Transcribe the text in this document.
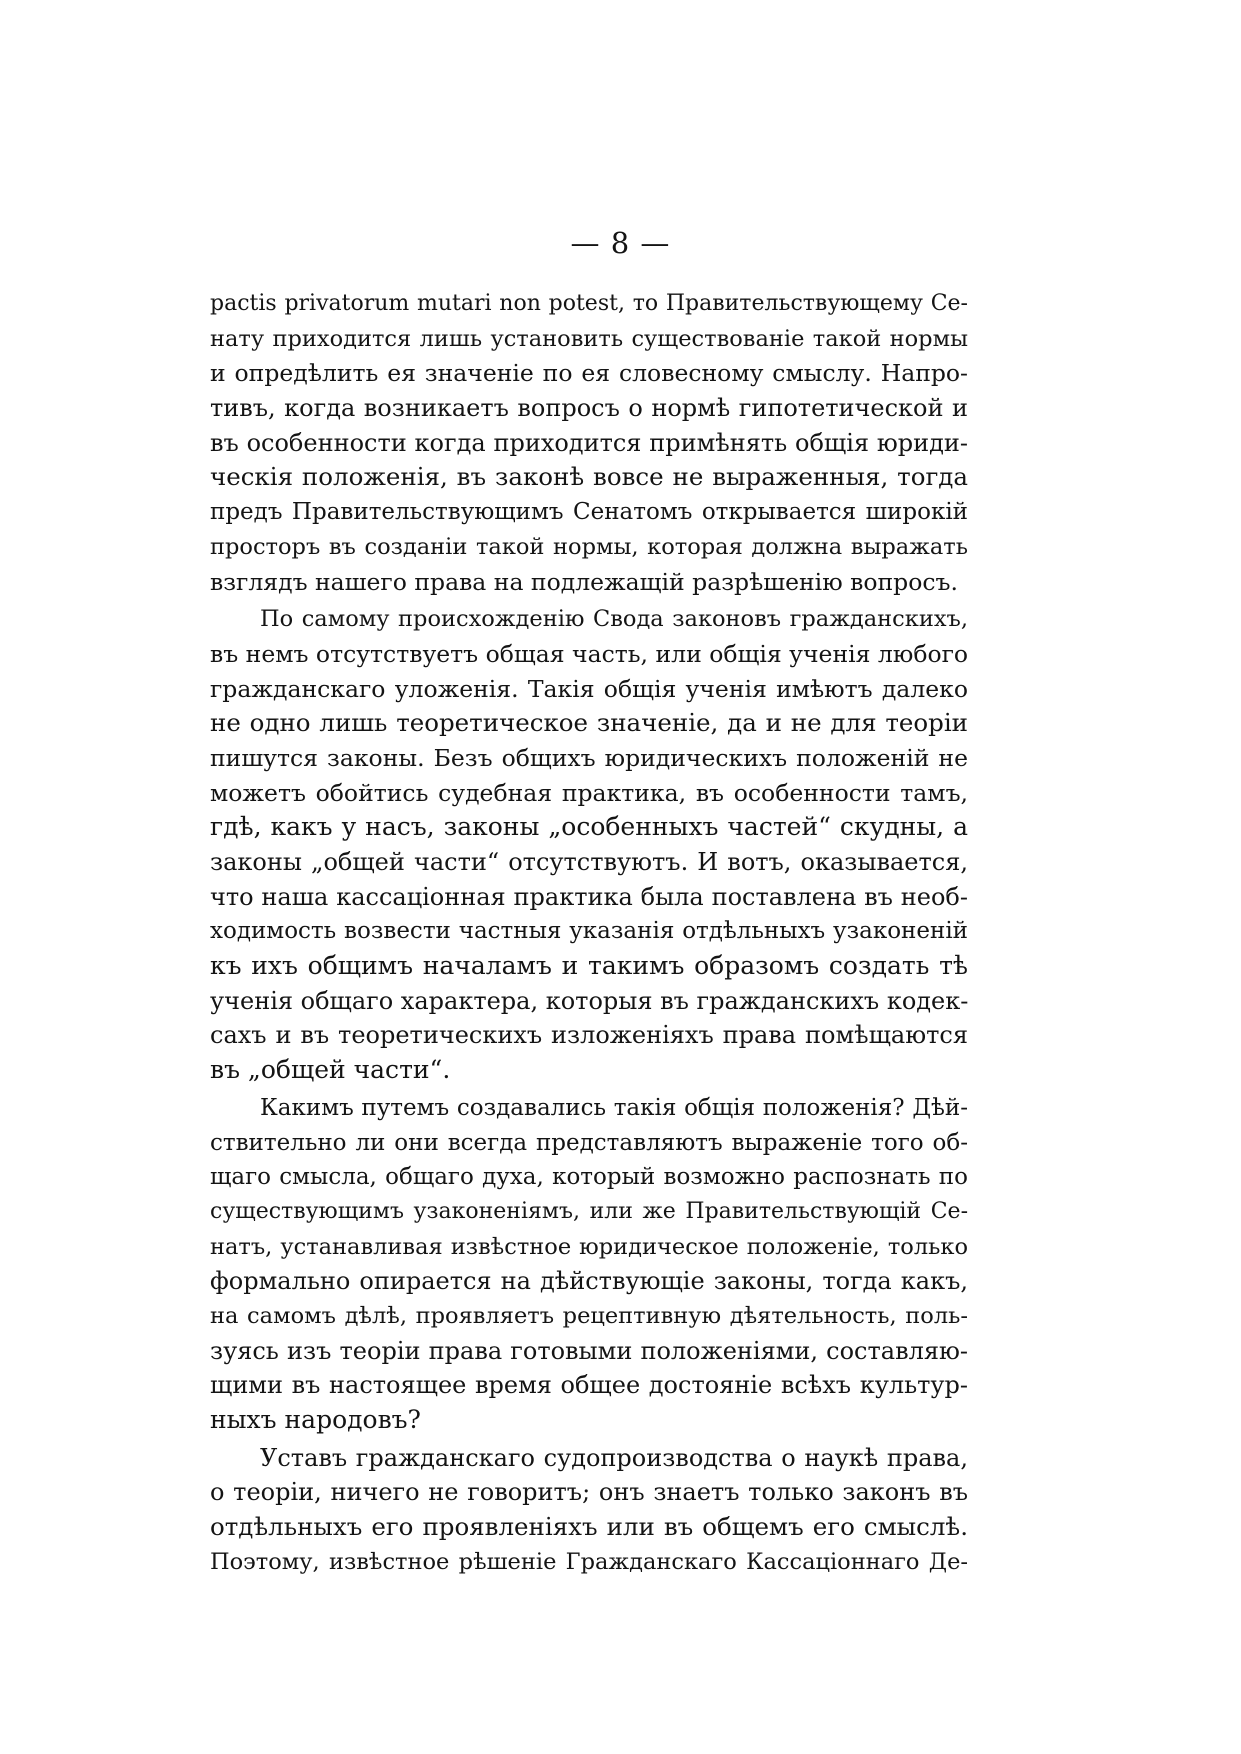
— 8 —
pactis privatorum mutari non potest, то Правительствующему Се-
нату приходится лишь установить существованіе такой нормы
и опредѣлить ея значеніе по ея словесному смыслу. Напро-
тивъ, когда возникаетъ вопросъ о нормѣ гипотетической и
въ особенности когда приходится примѣнять общія юриди-
ческія положенія, въ законѣ вовсе не выраженныя, тогда
предъ Правительствующимъ Сенатомъ открывается широкій
просторъ въ созданіи такой нормы, которая должна выражать
взглядъ нашего права на подлежащій разрѣшенію вопросъ.
По самому происхожденію Свода законовъ гражданскихъ,
въ немъ отсутствуетъ общая часть, или общія ученія любого
гражданскаго уложенія. Такія общія ученія имѣютъ далеко
не одно лишь теоретическое значеніе, да и не для теоріи
пишутся законы. Безъ общихъ юридическихъ положеній не
можетъ обойтись судебная практика, въ особенности тамъ,
гдѣ, какъ у насъ, законы „особенныхъ частей“ скудны, а
законы „общей части“ отсутствуютъ. И вотъ, оказывается,
что наша кассаціонная практика была поставлена въ необ-
ходимость возвести частныя указанія отдѣльныхъ узаконеній
къ ихъ общимъ началамъ и такимъ образомъ создать тѣ
ученія общаго характера, которыя въ гражданскихъ кодек-
сахъ и въ теоретическихъ изложеніяхъ права помѣщаются
въ „общей части“.
Какимъ путемъ создавались такія общія положенія? Дѣй-
ствительно ли они всегда представляютъ выраженіе того об-
щаго смысла, общаго духа, который возможно распознать по
существующимъ узаконеніямъ, или же Правительствующій Се-
натъ, устанавливая извѣстное юридическое положеніе, только
формально опирается на дѣйствующіе законы, тогда какъ,
на самомъ дѣлѣ, проявляетъ рецептивную дѣятельность, поль-
зуясь изъ теоріи права готовыми положеніями, составляю-
щими въ настоящее время общее достояніе всѣхъ культур-
ныхъ народовъ?
Уставъ гражданскаго судопроизводства о наукѣ права,
о теоріи, ничего не говоритъ; онъ знаетъ только законъ въ
отдѣльныхъ его проявленіяхъ или въ общемъ его смыслѣ.
Поэтому, извѣстное рѣшеніе Гражданскаго Кассаціоннаго Де-
